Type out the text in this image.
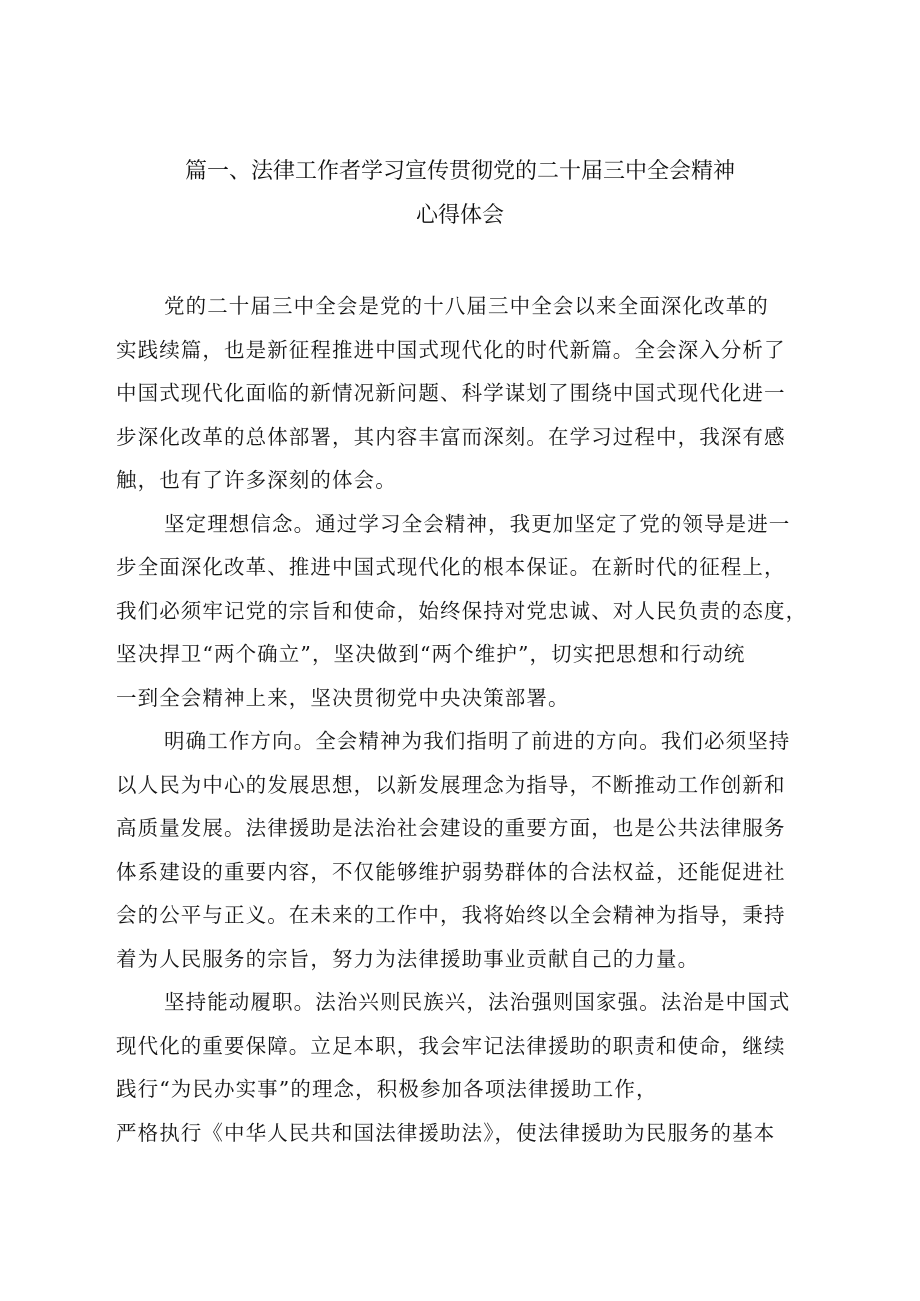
篇一、法律工作者学习宣传贯彻党的二十届三中全会精神
心得体会
党的二十届三中全会是党的十八届三中全会以来全面深化改革的
实践续篇，也是新征程推进中国式现代化的时代新篇。全会深入分析了
中国式现代化面临的新情况新问题、科学谋划了围绕中国式现代化进一
步深化改革的总体部署，其内容丰富而深刻。在学习过程中，我深有感
触，也有了许多深刻的体会。
坚定理想信念。通过学习全会精神，我更加坚定了党的领导是进一
步全面深化改革、推进中国式现代化的根本保证。在新时代的征程上，
我们必须牢记党的宗旨和使命，始终保持对党忠诚、对人民负责的态度，
坚决捍卫“两个确立”，坚决做到“两个维护”，切实把思想和行动统
一到全会精神上来，坚决贯彻党中央决策部署。
明确工作方向。全会精神为我们指明了前进的方向。我们必须坚持
以人民为中心的发展思想，以新发展理念为指导，不断推动工作创新和
高质量发展。法律援助是法治社会建设的重要方面，也是公共法律服务
体系建设的重要内容，不仅能够维护弱势群体的合法权益，还能促进社
会的公平与正义。在未来的工作中，我将始终以全会精神为指导，秉持
着为人民服务的宗旨，努力为法律援助事业贡献自己的力量。
坚持能动履职。法治兴则民族兴，法治强则国家强。法治是中国式
现代化的重要保障。立足本职，我会牢记法律援助的职责和使命，继续
践行“为民办实事”的理念，积极参加各项法律援助工作，
严格执行《中华人民共和国法律援助法》，使法律援助为民服务的基本
